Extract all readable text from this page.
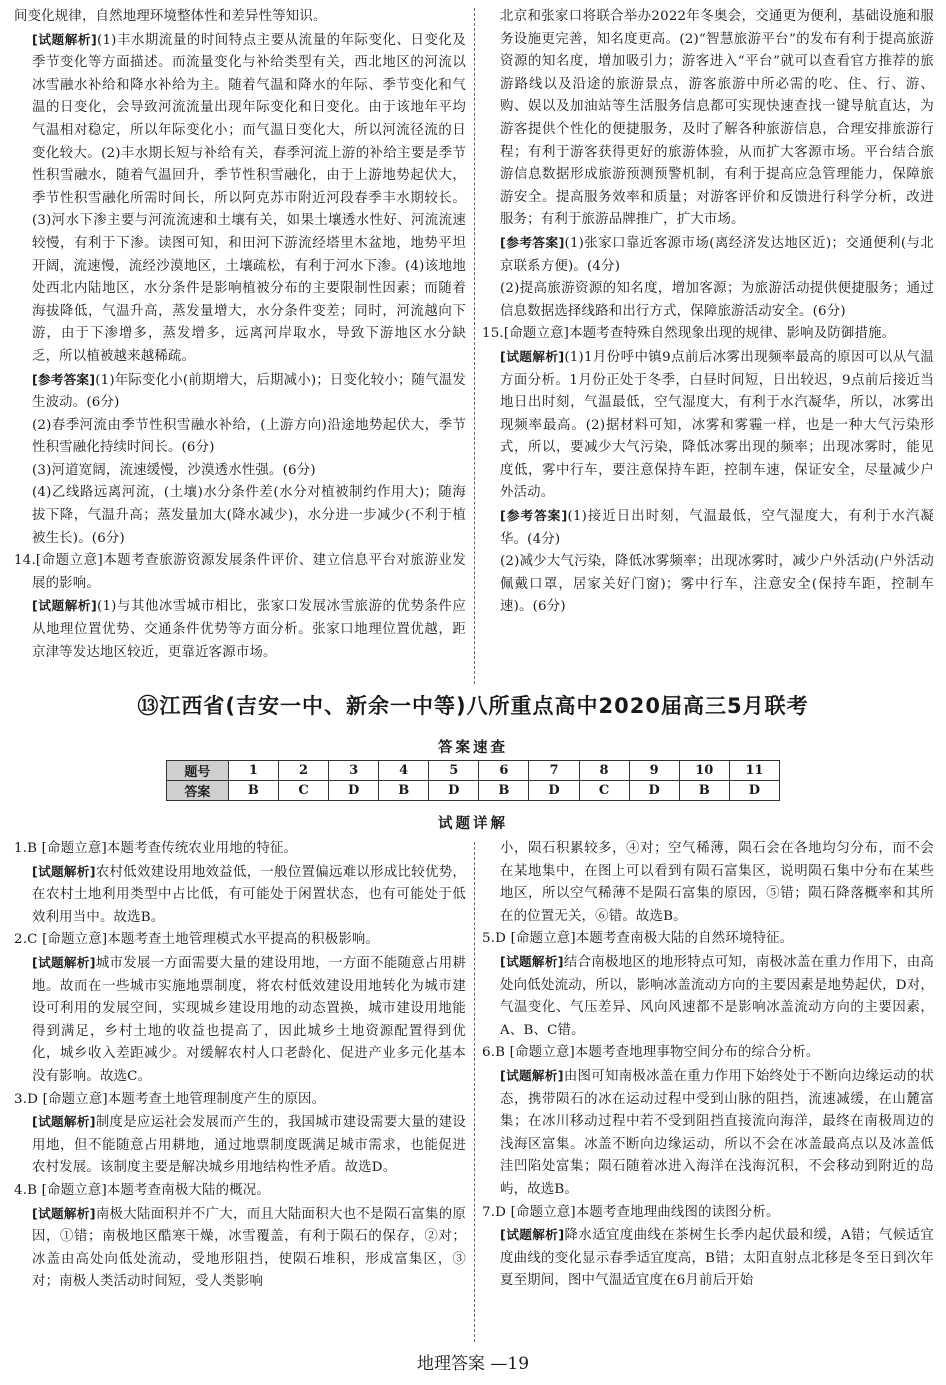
间变化规律，自然地理环境整体性和差异性等知识。

[试题解析](1)丰水期流量的时间特点主要从流量的年际变化、日变化及季节变化等方面描述。而流量变化与补给类型有关，西北地区的河流以冰雪融水补给和降水补给为主。随着气温和降水的年际、季节变化和气温的日变化，会导致河流流量出现年际变化和日变化。由于该地年平均气温相对稳定，所以年际变化小；而气温日变化大，所以河流径流的日变化较大。(2)丰水期长短与补给有关，春季河流上游的补给主要是季节性积雪融水，随着气温回升，季节性积雪融化，由于上游地势起伏大，季节性积雪融化所需时间长，所以阿克苏市附近河段春季丰水期较长。(3)河水下渗主要与河流流速和土壤有关，如果土壤透水性好、河流流速较慢，有利于下渗。读图可知，和田河下游流经塔里木盆地，地势平坦开阔，流速慢，流经沙漠地区，土壤疏松，有利于河水下渗。(4)该地地处西北内陆地区，水分条件是影响植被分布的主要限制性因素；而随着海拔降低，气温升高，蒸发量增大，水分条件变差；同时，河流越向下游，由于下渗增多，蒸发增多，远离河岸取水，导致下游地区水分缺乏，所以植被越来越稀疏。

[参考答案](1)年际变化小(前期增大，后期减小)；日变化较小；随气温发生波动。(6分)

(2)春季河流由季节性积雪融水补给，(上游方向)沿途地势起伏大，季节性积雪融化持续时间长。(6分)

(3)河道宽阔，流速缓慢，沙漠透水性强。(6分)

(4)乙线路远离河流，(土壤)水分条件差(水分对植被制约作用大)；随海拔下降，气温升高；蒸发量加大(降水减少)，水分进一步减少(不利于植被生长)。(6分)

14.[命题立意]本题考查旅游资源发展条件评价、建立信息平台对旅游业发展的影响。

[试题解析](1)与其他冰雪城市相比，张家口发展冰雪旅游的优势条件应从地理位置优势、交通条件优势等方面分析。张家口地理位置优越，距京津等发达地区较近，更靠近客源市场。

北京和张家口将联合举办2022年冬奥会，交通更为便利，基础设施和服务设施更完善，知名度更高。(2)“智慧旅游平台”的发布有利于提高旅游资源的知名度，增加吸引力；游客进入“平台”就可以查看官方推荐的旅游路线以及沿途的旅游景点，游客旅游中所必需的吃、住、行、游、购、娱以及加油站等生活服务信息都可实现快速查找一键导航直达，为游客提供个性化的便捷服务，及时了解各种旅游信息，合理安排旅游行程；有利于游客获得更好的旅游体验，从而扩大客源市场。平台结合旅游信息数据形成旅游预测预警机制，有利于提高应急管理能力，保障旅游安全。提高服务效率和质量；对游客评价和反馈进行科学分析，改进服务；有利于旅游品牌推广，扩大市场。

[参考答案](1)张家口靠近客源市场(离经济发达地区近)；交通便利(与北京联系方便)。(4分)

(2)提高旅游资源的知名度，增加客源；为旅游活动提供便捷服务；通过信息数据选择线路和出行方式，保障旅游活动安全。(6分)

15.[命题立意]本题考查特殊自然现象出现的规律、影响及防御措施。

[试题解析](1)1月份呼中镇9点前后冰雾出现频率最高的原因可以从气温方面分析。1月份正处于冬季，白昼时间短，日出较迟，9点前后接近当地日出时刻，气温最低，空气湿度大，有利于水汽凝华，所以，冰雾出现频率最高。(2)据材料可知，冰雾和雾霾一样，也是一种大气污染形式，所以，要减少大气污染，降低冰雾出现的频率；出现冰雾时，能见度低，雾中行车，要注意保持车距，控制车速，保证安全，尽量减少户外活动。

[参考答案](1)接近日出时刻，气温最低，空气湿度大，有利于水汽凝华。(4分)

(2)减少大气污染，降低冰雾频率；出现冰雾时，减少户外活动(户外活动佩戴口罩，居家关好门窗)；雾中行车，注意安全(保持车距，控制车速)。(6分)

⑬江西省(吉安一中、新余一中等)八所重点高中2020届高三5月联考
答案速查
题号	1	2	3	4	5	6	7	8	9	10	11
答案	B	C	D	B	D	B	D	C	D	B	D
试题详解

1.B [命题立意]本题考查传统农业用地的特征。

[试题解析]农村低效建设用地效益低，一般位置偏远难以形成比较优势，在农村土地利用类型中占比低，有可能处于闲置状态，也有可能处于低效利用当中。故选B。

2.C [命题立意]本题考查土地管理模式水平提高的积极影响。

[试题解析]城市发展一方面需要大量的建设用地，一方面不能随意占用耕地。故而在一些城市实施地票制度，将农村低效建设用地转化为城市建设可利用的发展空间，实现城乡建设用地的动态置换，城市建设用地能得到满足，乡村土地的收益也提高了，因此城乡土地资源配置得到优化，城乡收入差距减少。对缓解农村人口老龄化、促进产业多元化基本没有影响。故选C。

3.D [命题立意]本题考查土地管理制度产生的原因。

[试题解析]制度是应运社会发展而产生的，我国城市建设需要大量的建设用地，但不能随意占用耕地，通过地票制度既满足城市需求，也能促进农村发展。该制度主要是解决城乡用地结构性矛盾。故选D。

4.B [命题立意]本题考查南极大陆的概况。

[试题解析]南极大陆面积并不广大，而且大陆面积大也不是陨石富集的原因，①错；南极地区酷寒干燥，冰雪覆盖，有利于陨石的保存，②对；冰盖由高处向低处流动，受地形阻挡，使陨石堆积，形成富集区，③对；南极人类活动时间短，受人类影响

小，陨石积累较多，④对；空气稀薄，陨石会在各地均匀分布，而不会在某地集中，在图上可以看到有陨石富集区，说明陨石集中分布在某些地区，所以空气稀薄不是陨石富集的原因，⑤错；陨石降落概率和其所在的位置无关，⑥错。故选B。

5.D [命题立意]本题考查南极大陆的自然环境特征。

[试题解析]结合南极地区的地形特点可知，南极冰盖在重力作用下，由高处向低处流动，所以，影响冰盖流动方向的主要因素是地势起伏，D对，气温变化、气压差异、风向风速都不是影响冰盖流动方向的主要因素，A、B、C错。

6.B [命题立意]本题考查地理事物空间分布的综合分析。

[试题解析]由图可知南极冰盖在重力作用下始终处于不断向边缘运动的状态，携带陨石的冰在运动过程中受到山脉的阻挡，流速减缓，在山麓富集；在冰川移动过程中若不受到阻挡直接流向海洋，最终在南极周边的浅海区富集。冰盖不断向边缘运动，所以不会在冰盖最高点以及冰盖低洼凹陷处富集；陨石随着冰进入海洋在浅海沉积，不会移动到附近的岛屿，故选B。

7.D [命题立意]本题考查地理曲线图的读图分析。

[试题解析]降水适宜度曲线在茶树生长季内起伏最和缓，A错；气候适宜度曲线的变化显示春季适宜度高，B错；太阳直射点北移是冬至日到次年夏至期间，图中气温适宜度在6月前后开始

地理答案 —19
